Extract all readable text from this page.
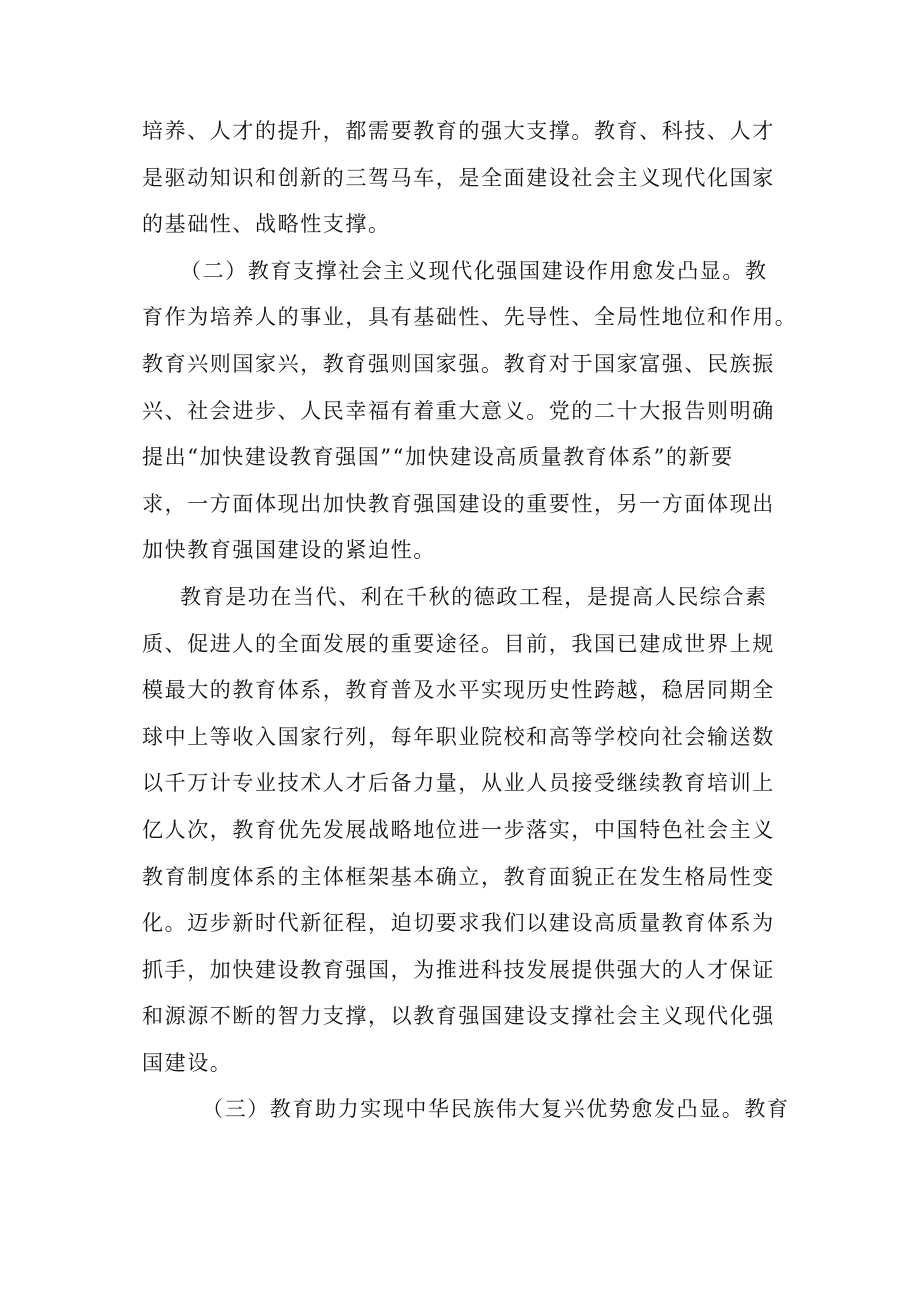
培养、人才的提升，都需要教育的强大支撑。教育、科技、人才
是驱动知识和创新的三驾马车，是全面建设社会主义现代化国家
的基础性、战略性支撑。
（二）教育支撑社会主义现代化强国建设作用愈发凸显。教
育作为培养人的事业，具有基础性、先导性、全局性地位和作用。
教育兴则国家兴，教育强则国家强。教育对于国家富强、民族振
兴、社会进步、人民幸福有着重大意义。党的二十大报告则明确
提出“加快建设教育强国”“加快建设高质量教育体系”的新要
求，一方面体现出加快教育强国建设的重要性，另一方面体现出
加快教育强国建设的紧迫性。
教育是功在当代、利在千秋的德政工程，是提高人民综合素
质、促进人的全面发展的重要途径。目前，我国已建成世界上规
模最大的教育体系，教育普及水平实现历史性跨越，稳居同期全
球中上等收入国家行列，每年职业院校和高等学校向社会输送数
以千万计专业技术人才后备力量，从业人员接受继续教育培训上
亿人次，教育优先发展战略地位进一步落实，中国特色社会主义
教育制度体系的主体框架基本确立，教育面貌正在发生格局性变
化。迈步新时代新征程，迫切要求我们以建设高质量教育体系为
抓手，加快建设教育强国，为推进科技发展提供强大的人才保证
和源源不断的智力支撑，以教育强国建设支撑社会主义现代化强
国建设。
（三）教育助力实现中华民族伟大复兴优势愈发凸显。教育
